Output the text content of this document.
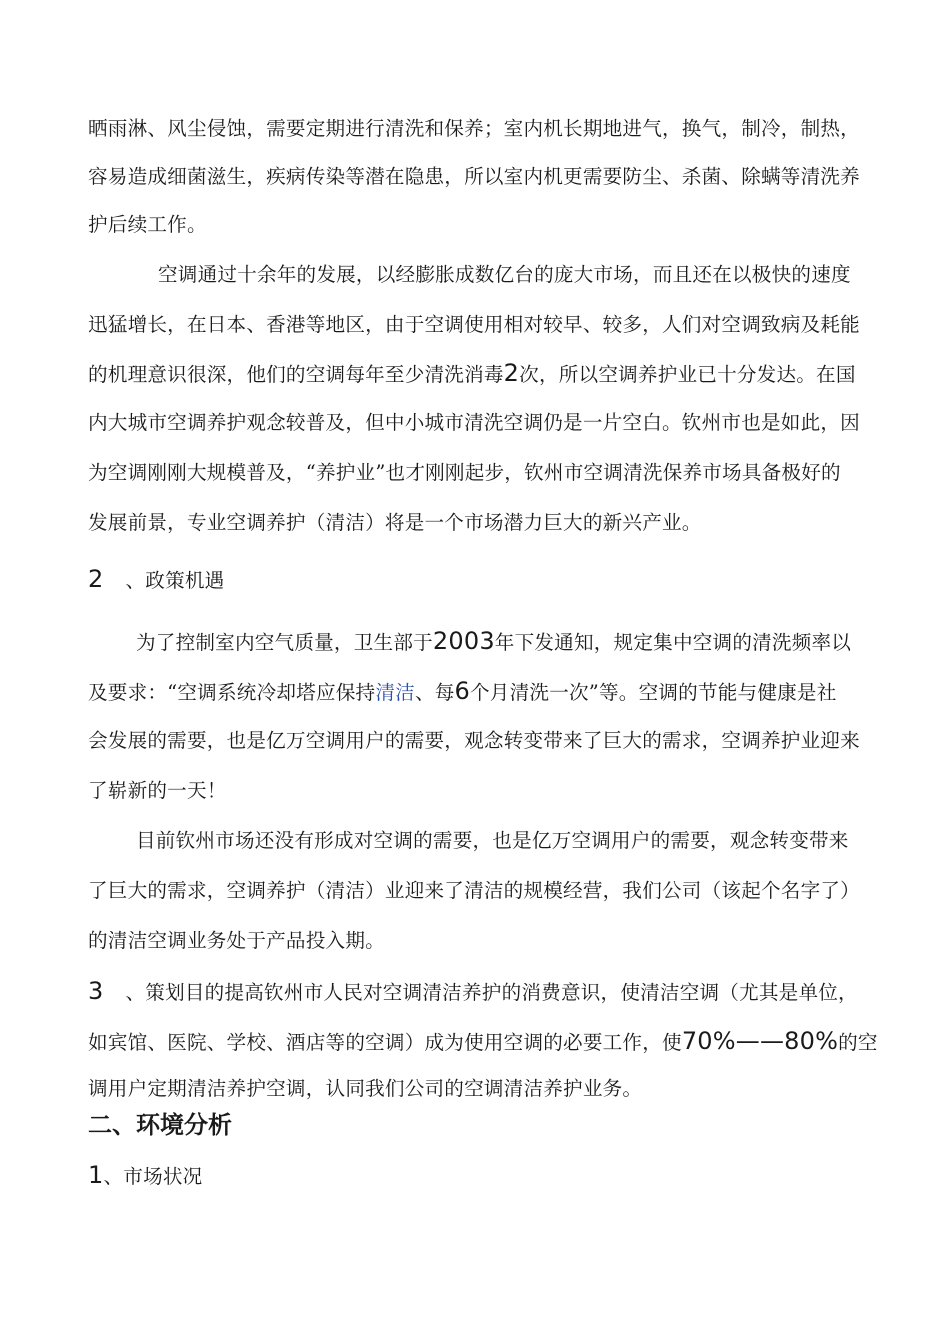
晒雨淋、风尘侵蚀，需要定期进行清洗和保养；室内机长期地进气，换气，制冷，制热，

容易造成细菌滋生，疾病传染等潜在隐患，所以室内机更需要防尘、杀菌、除螨等清洗养

护后续工作。

空调通过十余年的发展，以经膨胀成数亿台的庞大市场，而且还在以极快的速度

迅猛增长，在日本、香港等地区，由于空调使用相对较早、较多，人们对空调致病及耗能

的机理意识很深，他们的空调每年至少清洗消毒2次，所以空调养护业已十分发达。在国

内大城市空调养护观念较普及，但中小城市清洗空调仍是一片空白。钦州市也是如此，因

为空调刚刚大规模普及，“养护业”也才刚刚起步，钦州市空调清洗保养市场具备极好的

发展前景，专业空调养护（清洁）将是一个市场潜力巨大的新兴产业。

2 、政策机遇

为了控制室内空气质量，卫生部于2003年下发通知，规定集中空调的清洗频率以

及要求：“空调系统冷却塔应保持清洁、每6个月清洗一次”等。空调的节能与健康是社

会发展的需要，也是亿万空调用户的需要，观念转变带来了巨大的需求，空调养护业迎来

了崭新的一天！

目前钦州市场还没有形成对空调的需要，也是亿万空调用户的需要，观念转变带来

了巨大的需求，空调养护（清洁）业迎来了清洁的规模经营，我们公司（该起个名字了）

的清洁空调业务处于产品投入期。

3 、策划目的提高钦州市人民对空调清洁养护的消费意识，使清洁空调（尤其是单位，

如宾馆、医院、学校、酒店等的空调）成为使用空调的必要工作，使70%——80%的空

调用户定期清洁养护空调，认同我们公司的空调清洁养护业务。

二、环境分析

1、市场状况
